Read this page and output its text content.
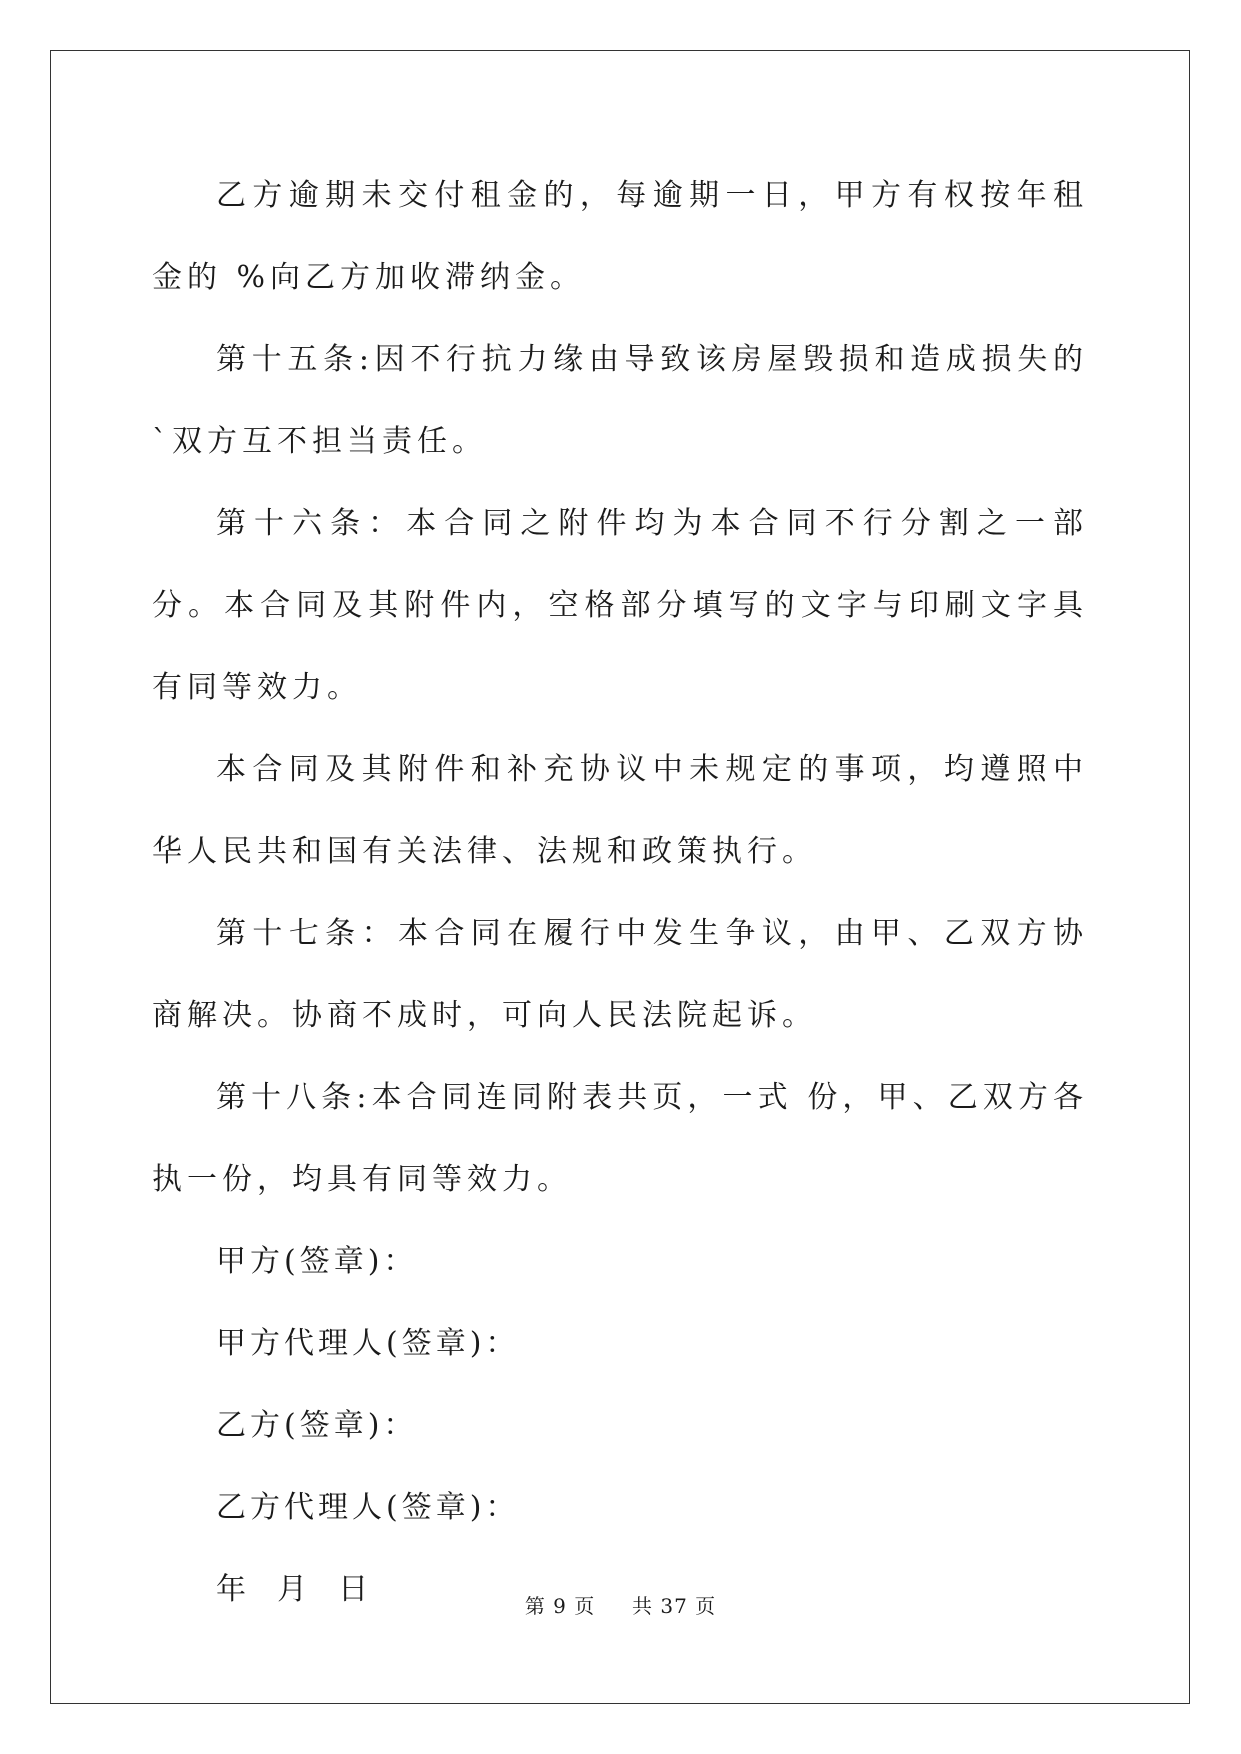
乙方逾期未交付租金的，每逾期一日，甲方有权按年租金的 %向乙方加收滞纳金。

第十五条:因不行抗力缘由导致该房屋毁损和造成损失的`双方互不担当责任。

第十六条：本合同之附件均为本合同不行分割之一部分。本合同及其附件内，空格部分填写的文字与印刷文字具有同等效力。

本合同及其附件和补充协议中未规定的事项，均遵照中华人民共和国有关法律、法规和政策执行。

第十七条：本合同在履行中发生争议，由甲、乙双方协商解决。协商不成时，可向人民法院起诉。

第十八条:本合同连同附表共页，一式 份，甲、乙双方各执一份，均具有同等效力。

甲方(签章)：

甲方代理人(签章)：

乙方(签章)：

乙方代理人(签章)：

年  月  日	第 9 页 共 37 页
